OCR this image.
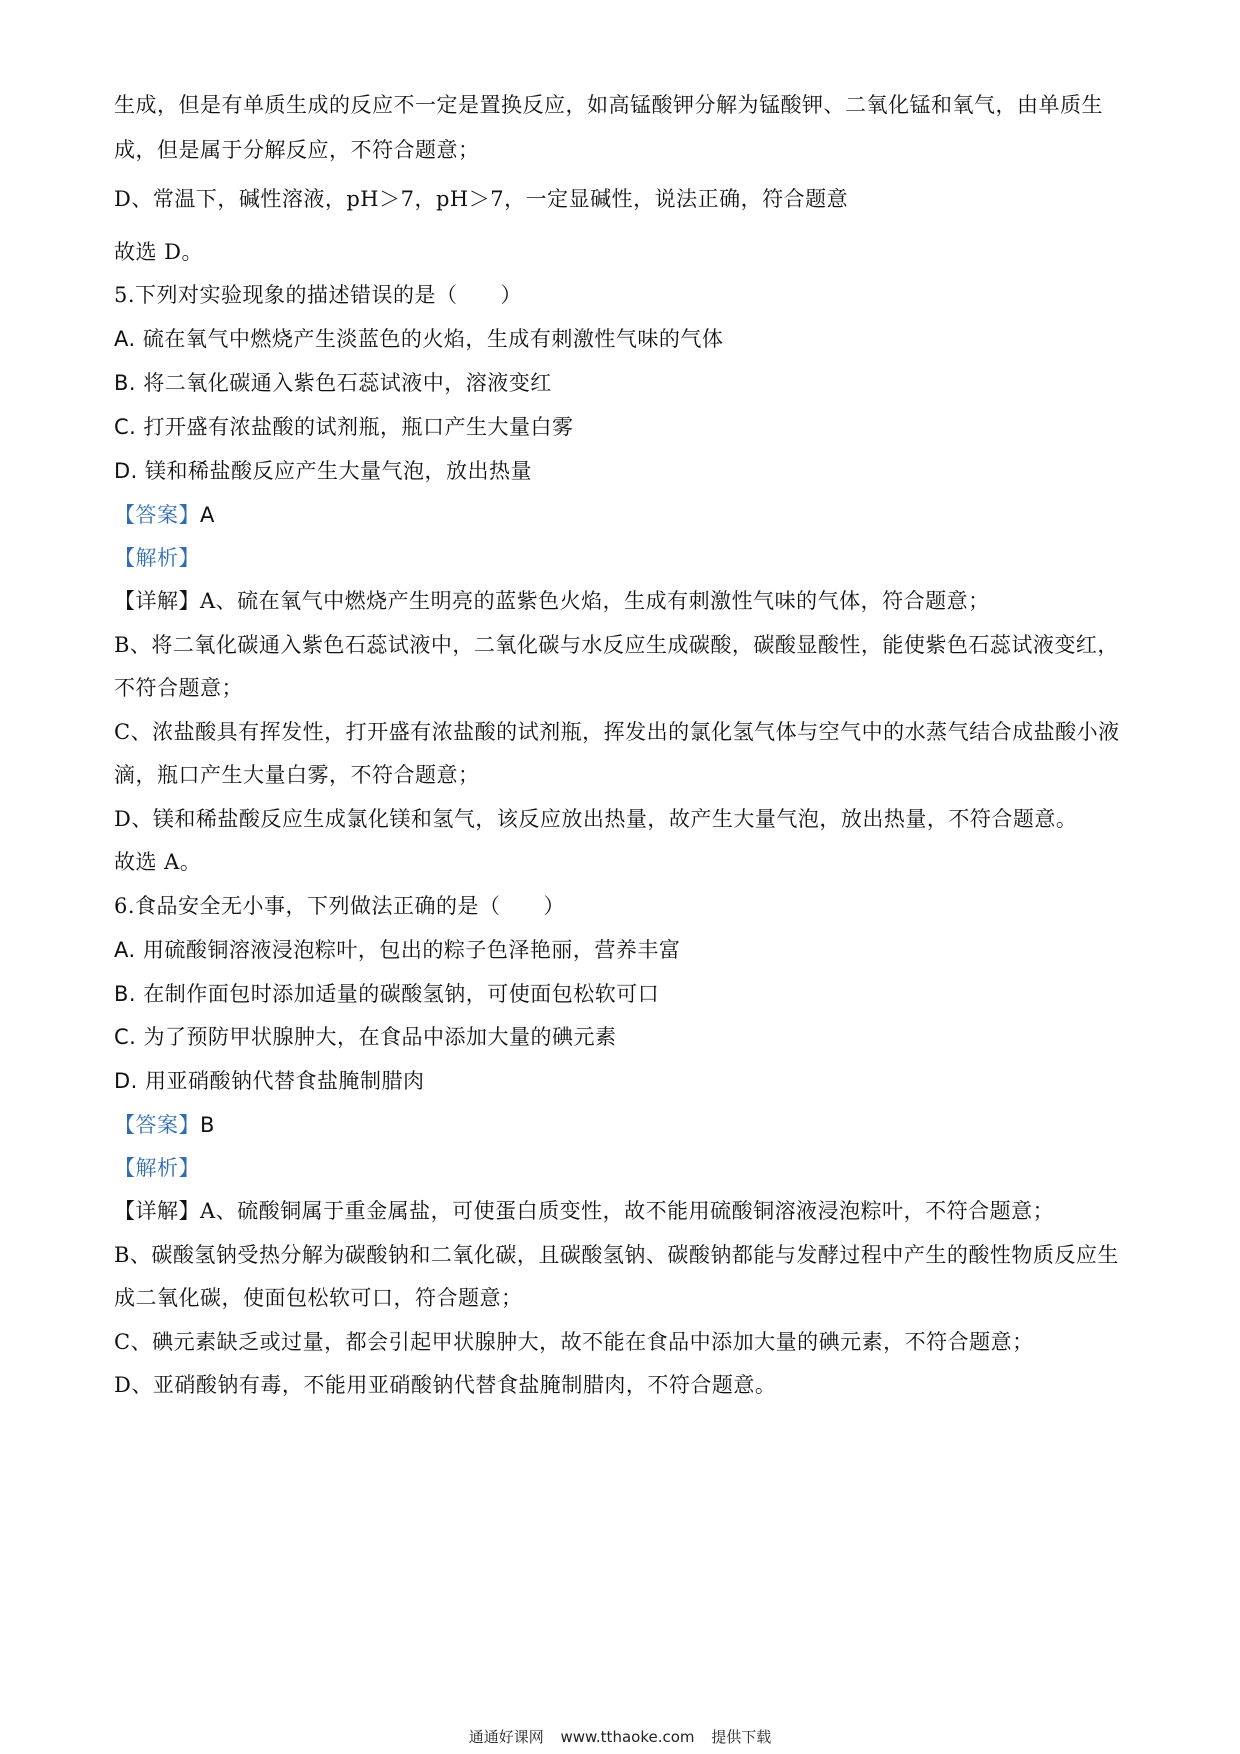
生成，但是有单质生成的反应不一定是置换反应，如高锰酸钾分解为锰酸钾、二氧化锰和氧气，由单质生
成，但是属于分解反应，不符合题意；
D、常温下，碱性溶液，pH＞7，pH＞7，一定显碱性，说法正确，符合题意
故选 D。
5.下列对实验现象的描述错误的是（　　）
A. 硫在氧气中燃烧产生淡蓝色的火焰，生成有刺激性气味的气体
B. 将二氧化碳通入紫色石蕊试液中，溶液变红
C. 打开盛有浓盐酸的试剂瓶，瓶口产生大量白雾
D. 镁和稀盐酸反应产生大量气泡，放出热量
【答案】A
【解析】
【详解】A、硫在氧气中燃烧产生明亮的蓝紫色火焰，生成有刺激性气味的气体，符合题意；
B、将二氧化碳通入紫色石蕊试液中，二氧化碳与水反应生成碳酸，碳酸显酸性，能使紫色石蕊试液变红，
不符合题意；
C、浓盐酸具有挥发性，打开盛有浓盐酸的试剂瓶，挥发出的氯化氢气体与空气中的水蒸气结合成盐酸小液
滴，瓶口产生大量白雾，不符合题意；
D、镁和稀盐酸反应生成氯化镁和氢气，该反应放出热量，故产生大量气泡，放出热量，不符合题意。
故选 A。
6.食品安全无小事，下列做法正确的是（　　）
A. 用硫酸铜溶液浸泡粽叶，包出的粽子色泽艳丽，营养丰富
B. 在制作面包时添加适量的碳酸氢钠，可使面包松软可口
C. 为了预防甲状腺肿大，在食品中添加大量的碘元素
D. 用亚硝酸钠代替食盐腌制腊肉
【答案】B
【解析】
【详解】A、硫酸铜属于重金属盐，可使蛋白质变性，故不能用硫酸铜溶液浸泡粽叶，不符合题意；
B、碳酸氢钠受热分解为碳酸钠和二氧化碳，且碳酸氢钠、碳酸钠都能与发酵过程中产生的酸性物质反应生
成二氧化碳，使面包松软可口，符合题意；
C、碘元素缺乏或过量，都会引起甲状腺肿大，故不能在食品中添加大量的碘元素，不符合题意；
D、亚硝酸钠有毒，不能用亚硝酸钠代替食盐腌制腊肉，不符合题意。
通通好课网 www.tthaoke.com 提供下载
